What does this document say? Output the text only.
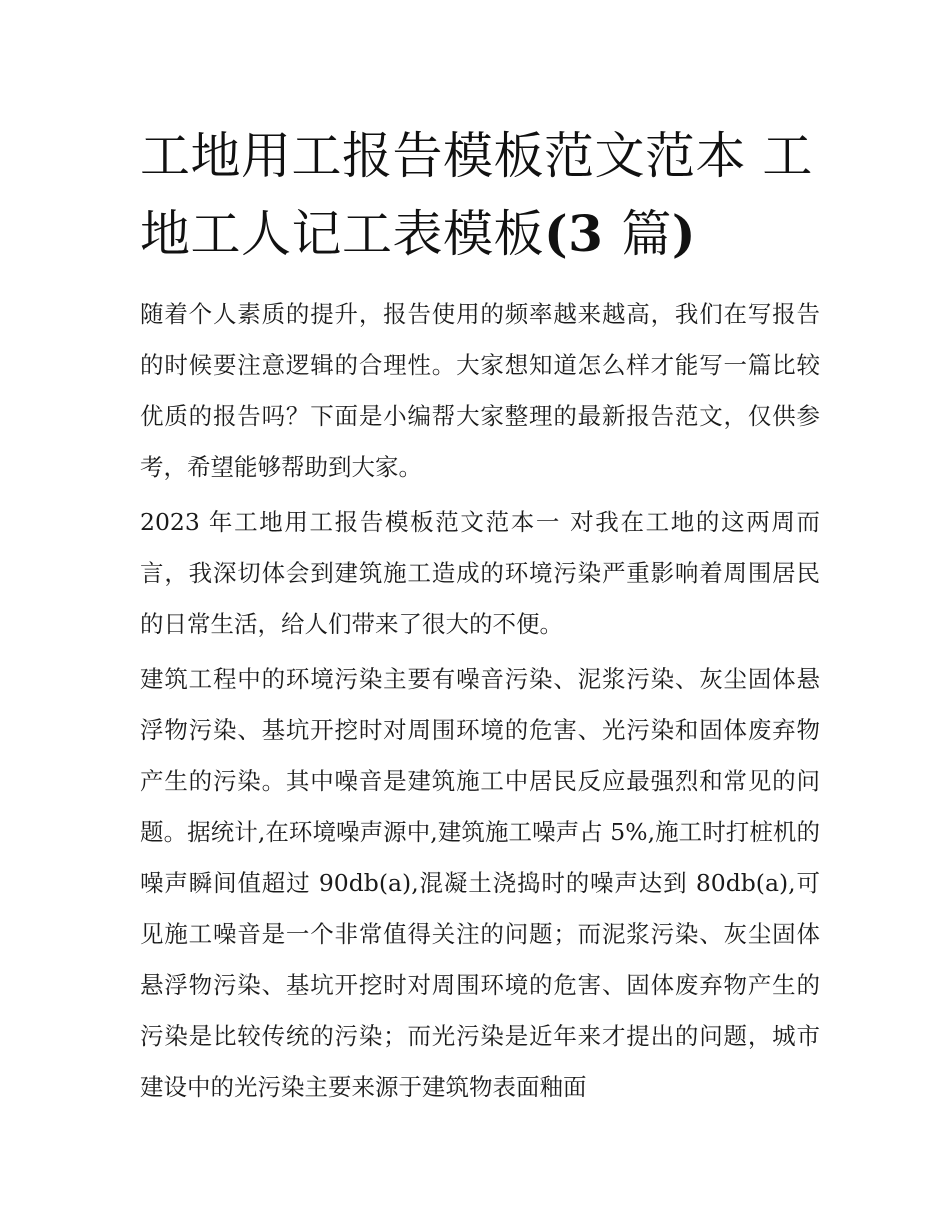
工地用工报告模板范文范本 工
地工人记工表模板(3 篇)

随着个人素质的提升，报告使用的频率越来越高，我们在写报告的时候要注意逻辑的合理性。大家想知道怎么样才能写一篇比较优质的报告吗？下面是小编帮大家整理的最新报告范文，仅供参考，希望能够帮助到大家。

2023 年工地用工报告模板范文范本一 对我在工地的这两周而言，我深切体会到建筑施工造成的环境污染严重影响着周围居民的日常生活，给人们带来了很大的不便。

建筑工程中的环境污染主要有噪音污染、泥浆污染、灰尘固体悬浮物污染、基坑开挖时对周围环境的危害、光污染和固体废弃物产生的污染。其中噪音是建筑施工中居民反应最强烈和常见的问题。据统计,在环境噪声源中,建筑施工噪声占 5%,施工时打桩机的噪声瞬间值超过 90db(a),混凝土浇捣时的噪声达到 80db(a),可见施工噪音是一个非常值得关注的问题；而泥浆污染、灰尘固体悬浮物污染、基坑开挖时对周围环境的危害、固体废弃物产生的污染是比较传统的污染；而光污染是近年来才提出的问题，城市建设中的光污染主要来源于建筑物表面釉面
